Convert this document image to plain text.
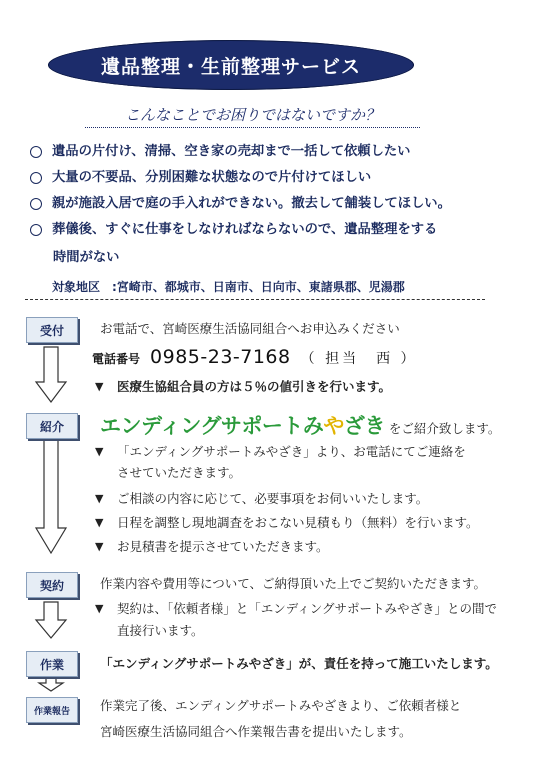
遺品整理・生前整理サービス
こんなことでお困りではないですか？
遺品の片付け、清掃、空き家の売却まで一括して依頼したい
大量の不要品、分別困難な状態なので片付けてほしい
親が施設入居で庭の手入れができない。撤去して舗装してほしい。
葬儀後、すぐに仕事をしなければならないので、遺品整理をする
時間がない
対象地区　:宮崎市、都城市、日南市、日向市、東諸県郡、児湯郡
受付	お電話で、宮崎医療生活協同組合へお申込みください
電話番号 0985-23-7168 （ 担当　西 ）
▼	医療生協組合員の方は５％の値引きを行います。
紹介	エンディングサポートみやざき をご紹介致します。
▼	「エンディングサポートみやざき」より、お電話にてご連絡を
させていただきます。
▼	ご相談の内容に応じて、必要事項をお伺いいたします。
▼	日程を調整し現地調査をおこない見積もり（無料）を行います。
▼	お見積書を提示させていただきます。
契約	作業内容や費用等について、ご納得頂いた上でご契約いただきます。
▼	契約は、「依頼者様」と「エンディングサポートみやざき」との間で
直接行います。
作業	「エンディングサポートみやざき」が、責任を持って施工いたします。
作業報告	作業完了後、エンディングサポートみやざきより、ご依頼者様と
宮崎医療生活協同組合へ作業報告書を提出いたします。
